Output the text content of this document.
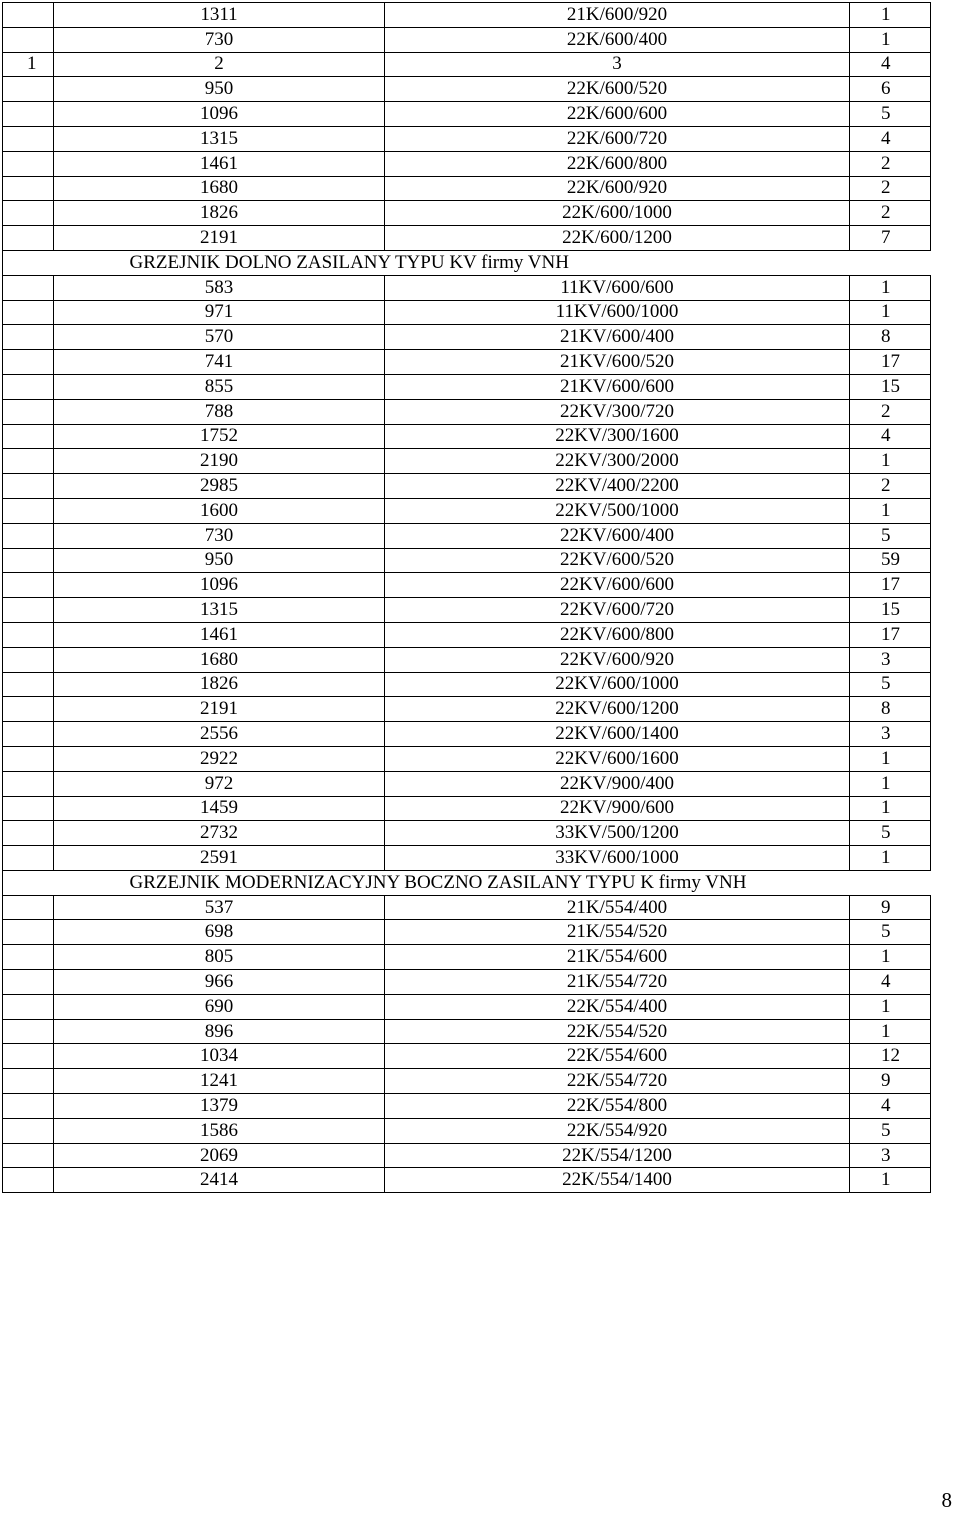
	1311	21K/600/920	1
	730	22K/600/400	1
1	2	3	4
	950	22K/600/520	6
	1096	22K/600/600	5
	1315	22K/600/720	4
	1461	22K/600/800	2
	1680	22K/600/920	2
	1826	22K/600/1000	2
	2191	22K/600/1200	7
	GRZEJNIK DOLNO ZASILANY TYPU KV firmy VNH		
	583	11KV/600/600	1
	971	11KV/600/1000	1
	570	21KV/600/400	8
	741	21KV/600/520	17
	855	21KV/600/600	15
	788	22KV/300/720	2
	1752	22KV/300/1600	4
	2190	22KV/300/2000	1
	2985	22KV/400/2200	2
	1600	22KV/500/1000	1
	730	22KV/600/400	5
	950	22KV/600/520	59
	1096	22KV/600/600	17
	1315	22KV/600/720	15
	1461	22KV/600/800	17
	1680	22KV/600/920	3
	1826	22KV/600/1000	5
	2191	22KV/600/1200	8
	2556	22KV/600/1400	3
	2922	22KV/600/1600	1
	972	22KV/900/400	1
	1459	22KV/900/600	1
	2732	33KV/500/1200	5
	2591	33KV/600/1000	1
	GRZEJNIK MODERNIZACYJNY BOCZNO ZASILANY TYPU K firmy VNH		
	537	21K/554/400	9
	698	21K/554/520	5
	805	21K/554/600	1
	966	21K/554/720	4
	690	22K/554/400	1
	896	22K/554/520	1
	1034	22K/554/600	12
	1241	22K/554/720	9
	1379	22K/554/800	4
	1586	22K/554/920	5
	2069	22K/554/1200	3
	2414	22K/554/1400	1
8
